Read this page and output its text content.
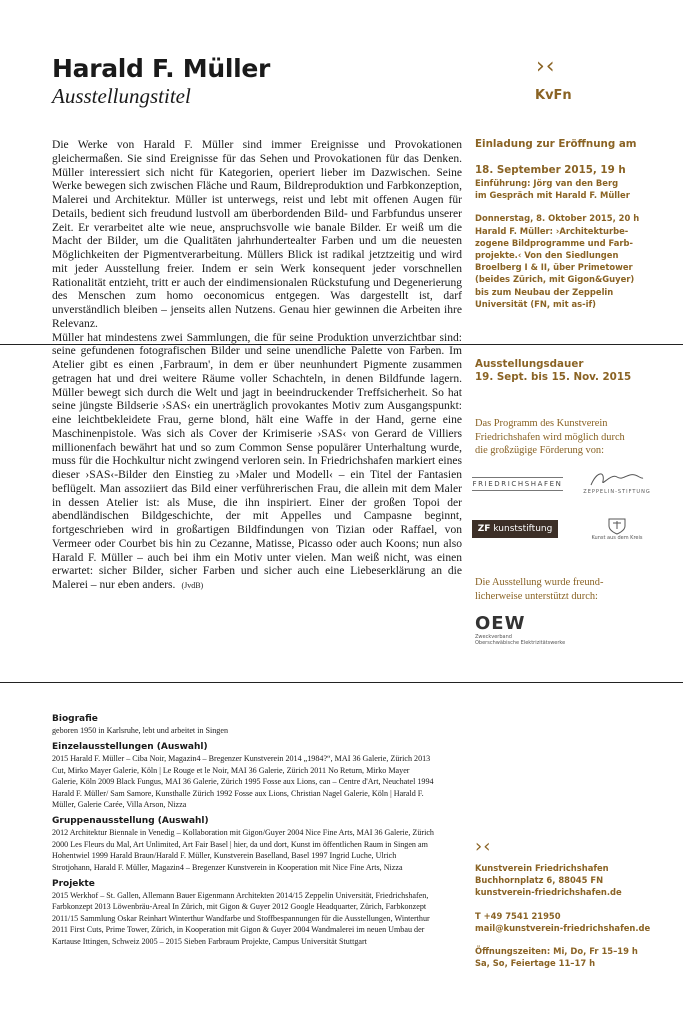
Harald F. Müller
Ausstellungstitel
›‹
KvFn

Die Werke von Harald F. Müller sind immer Ereignisse und Provokationen gleichermaßen. Sie sind Ereignisse für das Sehen und Provokationen für das Denken. Müller interessiert sich nicht für Kategorien, operiert lieber im Dazwischen. Seine Werke bewegen sich zwischen Fläche und Raum, Bildreproduktion und Farbkonzeption, Malerei und Architektur. Müller ist unterwegs, reist und lebt mit offenen Augen für Details, bedient sich freudund lustvoll am überbordenden Bild- und Farbfundus unserer Zeit. Er verarbeitet alte wie neue, anspruchsvolle wie banale Bilder. Er weiß um die Macht der Bilder, um die Qualitäten jahrhundertealter Farben und um die neuesten Möglichkeiten der Pigmentverarbeitung. Müllers Blick ist radikal jetztzeitig und wird mit jeder Ausstellung freier. Indem er sein Werk konsequent jeder vorschnellen Rationalität entzieht, tritt er auch der eindimensionalen Rückstufung und Degenerierung des Menschen zum homo oeconomicus entgegen. Was dargestellt ist, darf unverständlich bleiben – jenseits allen Nutzens. Genau hier gewinnen die Arbeiten ihre Relevanz.

Müller hat mindestens zwei Sammlungen, die für seine Produktion unverzichtbar sind: seine gefundenen fotografischen Bilder und seine unendliche Palette von Farben. Im Atelier gibt es einen ‚Farbraum', in dem er über neunhundert Pigmente zusammen getragen hat und drei weitere Räume voller Schachteln, in denen Bildfunde lagern. Müller bewegt sich durch die Welt und jagt in beeindruckender Treffsicherheit. So hat seine jüngste Bildserie ›SAS‹ ein unerträglich provokantes Motiv zum Ausgangspunkt: eine leichtbekleidete Frau, gerne blond, hält eine Waffe in der Hand, gerne eine Maschinenpistole. Was sich als Cover der Krimiserie ›SAS‹ von Gerard de Villiers millionenfach bewährt hat und so zum Common Sense populärer Unterhaltung wurde, muss für die Hochkultur nicht zwingend verloren sein. In Friedrichshafen markiert eines dieser ›SAS‹-Bilder den Einstieg zu ›Maler und Modell‹ – ein Titel der Fantasien beflügelt. Man assoziiert das Bild einer verführerischen Frau, die allein mit dem Maler in dessen Atelier ist: als Muse, die ihn inspiriert. Einer der großen Topoi der abendländischen Bildgeschichte, der mit Appelles und Campasne beginnt, fortgeschrieben wird in großartigen Bildfindungen von Tizian oder Raffael, von Vermeer oder Courbet bis hin zu Cezanne, Matisse, Picasso oder auch Koons; nun also Harald F. Müller – auch bei ihm ein Motiv unter vielen. Man weiß nicht, was einen erwartet: sicher Bilder, sicher Farben und sicher auch eine Liebeserklärung an die Malerei – nur eben anders. (JvdB)

Einladung zur Eröffnung am
18. September 2015, 19 h
Einführung: Jörg van den Berg
im Gespräch mit Harald F. Müller
Donnerstag, 8. Oktober 2015, 20 h
Harald F. Müller: ›Architekturbe-
zogene Bildprogramme und Farb-
projekte.‹ Von den Siedlungen
Broelberg I & II, über Primetower
(beides Zürich, mit Gigon&Guyer)
bis zum Neubau der Zeppelin
Universität (FN, mit as-if)
Ausstellungsdauer
19. Sept. bis 15. Nov. 2015
Das Programm des Kunstverein
Friedrichshafen wird möglich durch
die großzügige Förderung von:
FRIEDRICHSHAFEN
ZEPPELIN-STIFTUNG
ZF kunststiftung
Kunst aus dem Kreis
Die Ausstellung wurde freund-
licherweise unterstützt durch:
OEW
Zweckverband
Oberschwäbische Elektrizitätswerke
Biografie
geboren 1950 in Karlsruhe, lebt und arbeitet in Singen
Einzelausstellungen (Auswahl)
2015 Harald F. Müller – Ciba Noir, Magazin4 – Bregenzer Kunstverein 2014 „1984?“, MAI 36 Galerie, Zürich 2013 Cut, Mirko Mayer Galerie, Köln | Le Rouge et le Noir, MAI 36 Galerie, Zürich 2011 No Return, Mirko Mayer Galerie, Köln 2009 Black Fungus, MAI 36 Galerie, Zürich 1995 Fosse aux Lions, can – Centre d'Art, Neuchatel 1994 Harald F. Müller/ Sam Samore, Kunsthalle Zürich 1992 Fosse aux Lions, Christian Nagel Galerie, Köln | Harald F. Müller, Galerie Carée, Villa Arson, Nizza
Gruppenausstellung (Auswahl)
2012 Architektur Biennale in Venedig – Kollaboration mit Gigon/Guyer 2004 Nice Fine Arts, MAI 36 Galerie, Zürich 2000 Les Fleurs du Mal, Art Unlimited, Art Fair Basel | hier, da und dort, Kunst im öffentlichen Raum in Singen am Hohentwiel 1999 Harald Braun/Harald F. Müller, Kunstverein Baselland, Basel 1997 Ingrid Luche, Ulrich Strotjohann, Harald F. Müller, Magazin4 – Bregenzer Kunstverein in Kooperation mit Nice Fine Arts, Nizza
Projekte
2015 Werkhof – St. Gallen, Allemann Bauer Eigenmann Architekten 2014/15 Zeppelin Universität, Friedrichshafen, Farbkonzept 2013 Löwenbräu-Areal In Zürich, mit Gigon & Guyer 2012 Google Headquarter, Zürich, Farbkonzept 2011/15 Sammlung Oskar Reinhart Winterthur Wandfarbe und Stoffbespannungen für die Ausstellungen, Winterthur 2011 First Cuts, Prime Tower, Zürich, in Kooperation mit Gigon & Guyer 2004 Wandmalerei im neuen Umbau der Kartause Ittingen, Schweiz 2005 – 2015 Sieben Farbraum Projekte, Campus Universität Stuttgart
›‹
Kunstverein Friedrichshafen
Buchhornplatz 6, 88045 FN
kunstverein-friedrichshafen.de
T +49 7541 21950
mail@kunstverein-friedrichshafen.de
Öffnungszeiten: Mi, Do, Fr 15–19 h
Sa, So, Feiertage 11–17 h
